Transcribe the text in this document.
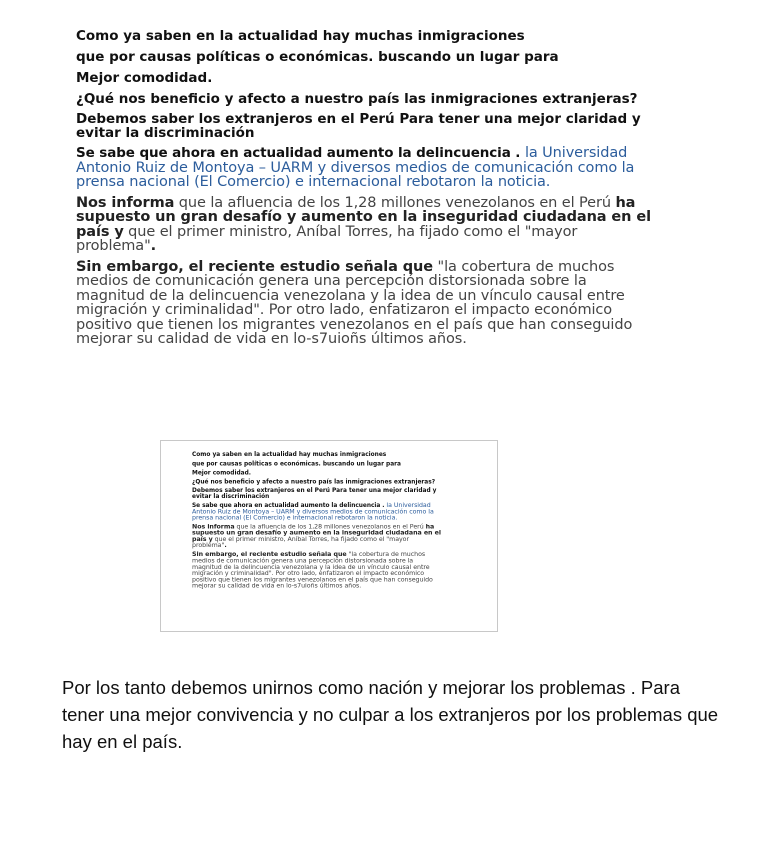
Como ya saben en la actualidad hay muchas inmigraciones
que por causas políticas o económicas. buscando un lugar para
Mejor comodidad.
¿Qué nos beneficio y afecto a nuestro país las inmigraciones extranjeras?
Debemos saber los extranjeros en el Perú Para tener una mejor claridad y
evitar la discriminación
Se sabe que ahora en actualidad aumento la delincuencia . la Universidad Antonio Ruiz de Montoya – UARM y diversos medios de comunicación como la prensa nacional (El Comercio) e internacional rebotaron la noticia.
Nos informa que la afluencia de los 1,28 millones venezolanos en el Perú ha supuesto un gran desafío y aumento en la inseguridad ciudadana en el país y que el primer ministro, Aníbal Torres, ha fijado como el "mayor problema".
Sin embargo, el reciente estudio señala que "la cobertura de muchos medios de comunicación genera una percepción distorsionada sobre la magnitud de la delincuencia venezolana y la idea de un vínculo causal entre migración y criminalidad". Por otro lado, enfatizaron el impacto económico positivo que tienen los migrantes venezolanos en el país que han conseguido mejorar su calidad de vida en lo-s7uioñs últimos años.
Como ya saben en la actualidad hay muchas inmigraciones
que por causas políticas o económicas. buscando un lugar para
Mejor comodidad.
¿Qué nos beneficio y afecto a nuestro país las inmigraciones extranjeras?
Debemos saber los extranjeros en el Perú Para tener una mejor claridad y
evitar la discriminación
Se sabe que ahora en actualidad aumento la delincuencia . la Universidad Antonio Ruiz de Montoya – UARM y diversos medios de comunicación como la prensa nacional (El Comercio) e internacional rebotaron la noticia.
Nos informa que la afluencia de los 1,28 millones venezolanos en el Perú ha supuesto un gran desafío y aumento en la inseguridad ciudadana en el país y que el primer ministro, Aníbal Torres, ha fijado como el "mayor problema".
Sin embargo, el reciente estudio señala que "la cobertura de muchos medios de comunicación genera una percepción distorsionada sobre la magnitud de la delincuencia venezolana y la idea de un vínculo causal entre migración y criminalidad". Por otro lado, enfatizaron el impacto económico positivo que tienen los migrantes venezolanos en el país que han conseguido mejorar su calidad de vida en lo-s7uioñs últimos años.
Por los tanto debemos unirnos como nación y mejorar los problemas . Para tener una mejor convivencia y no culpar a los extranjeros por los problemas que hay en el país.
